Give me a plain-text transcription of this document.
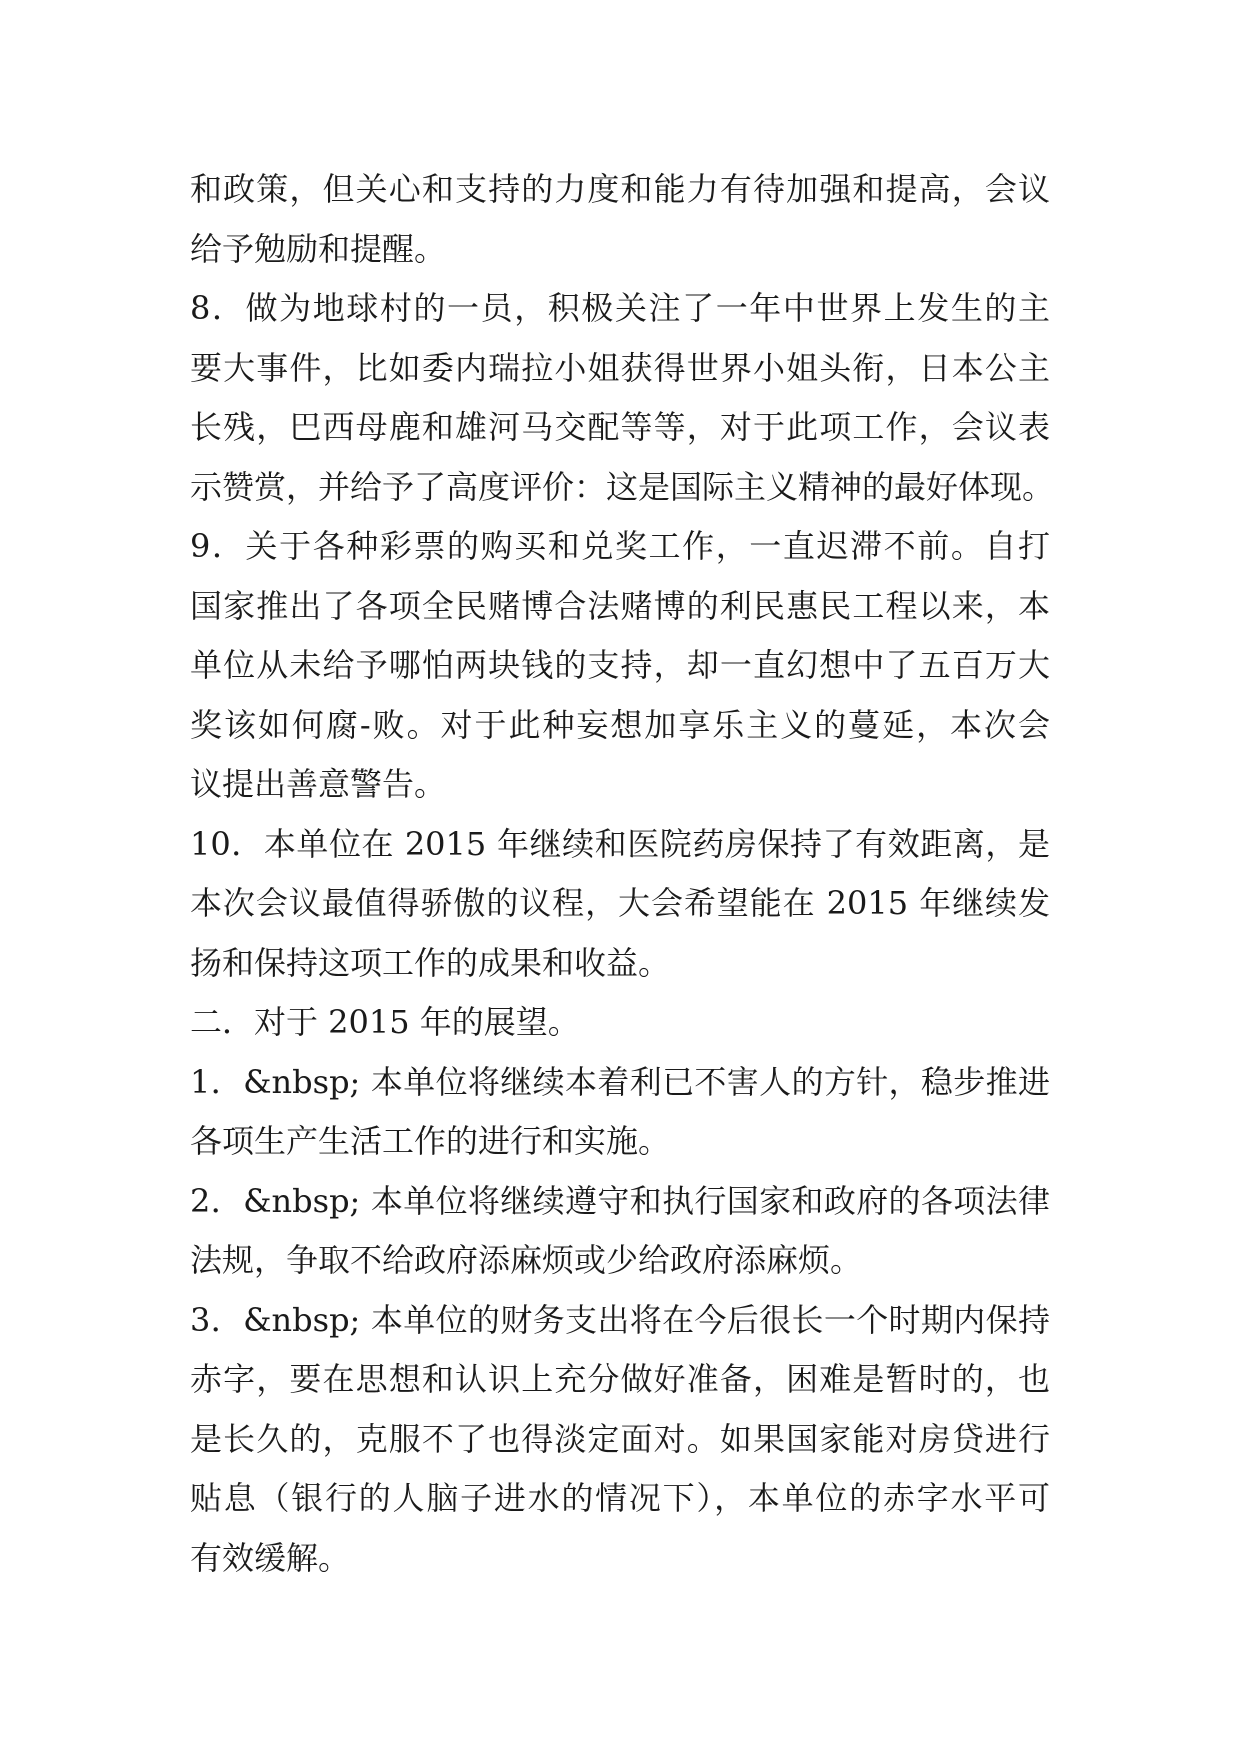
和政策，但关心和支持的力度和能力有待加强和提高，会议
给予勉励和提醒。
8．做为地球村的一员，积极关注了一年中世界上发生的主
要大事件，比如委内瑞拉小姐获得世界小姐头衔，日本公主
长残，巴西母鹿和雄河马交配等等，对于此项工作，会议表
示赞赏，并给予了高度评价：这是国际主义精神的最好体现。
9．关于各种彩票的购买和兑奖工作，一直迟滞不前。自打
国家推出了各项全民赌博合法赌博的利民惠民工程以来，本
单位从未给予哪怕两块钱的支持，却一直幻想中了五百万大
奖该如何腐-败。对于此种妄想加享乐主义的蔓延，本次会
议提出善意警告。
10．本单位在 2015 年继续和医院药房保持了有效距离，是
本次会议最值得骄傲的议程，大会希望能在 2015 年继续发
扬和保持这项工作的成果和收益。
二．对于 2015 年的展望。
1．&nbsp; 本单位将继续本着利已不害人的方针，稳步推进
各项生产生活工作的进行和实施。
2．&nbsp; 本单位将继续遵守和执行国家和政府的各项法律
法规，争取不给政府添麻烦或少给政府添麻烦。
3．&nbsp; 本单位的财务支出将在今后很长一个时期内保持
赤字，要在思想和认识上充分做好准备，困难是暂时的，也
是长久的，克服不了也得淡定面对。如果国家能对房贷进行
贴息（银行的人脑子进水的情况下），本单位的赤字水平可
有效缓解。
